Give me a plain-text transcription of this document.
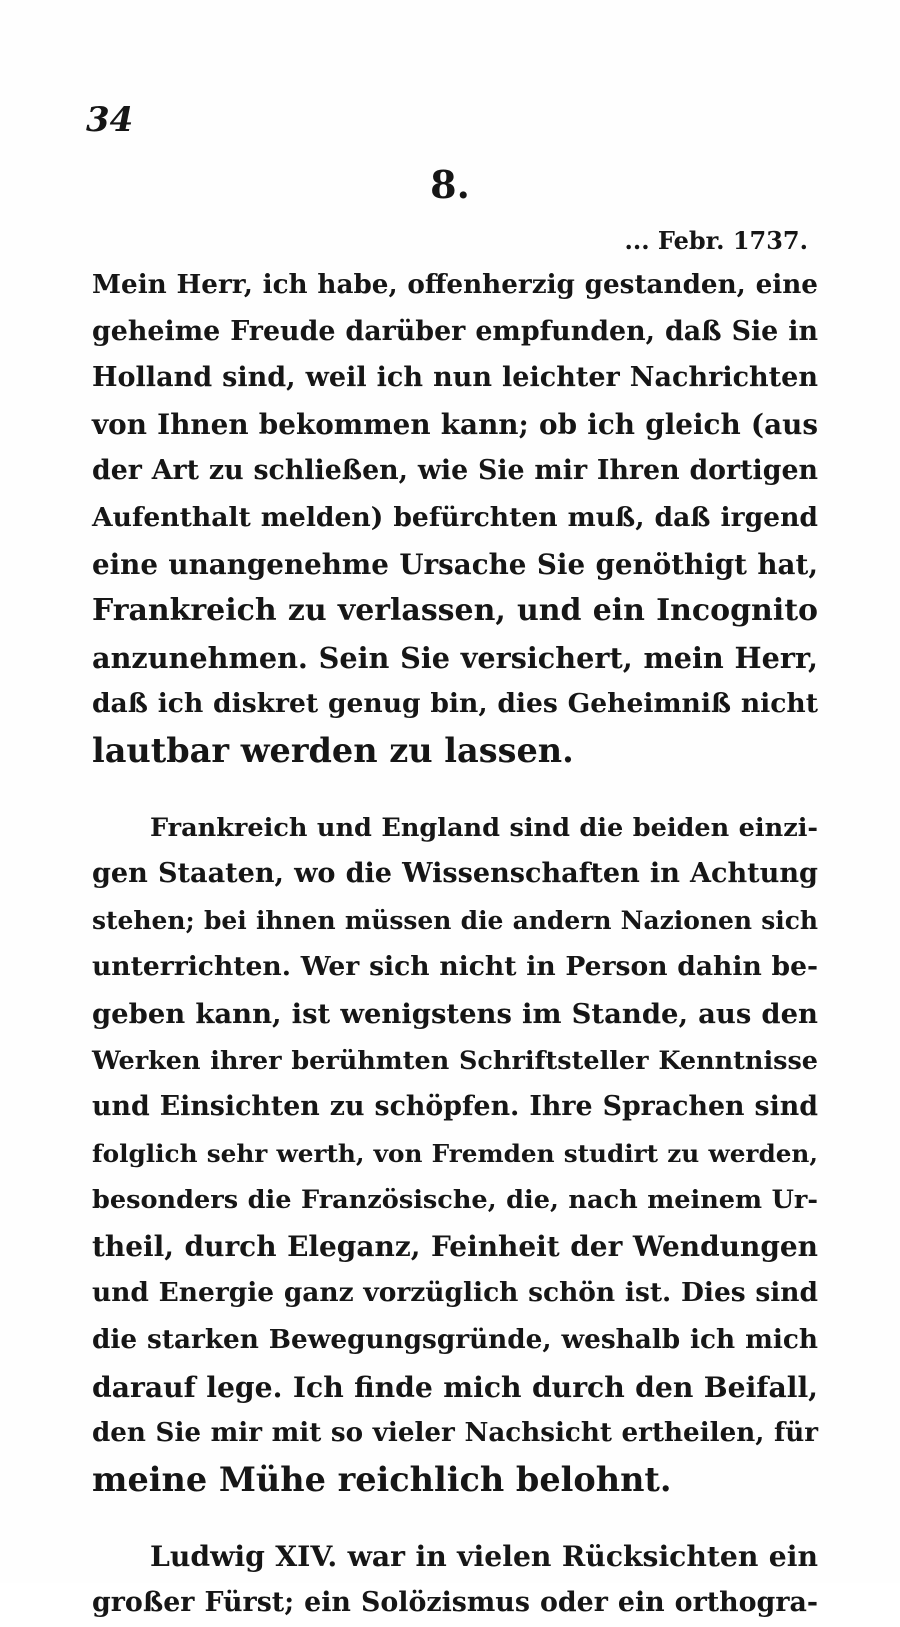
34
8.
... Febr. 1737.

Mein Herr, ich habe, offenherzig gestanden, eine
geheime Freude darüber empfunden, daß Sie in
Holland sind, weil ich nun leichter Nachrichten
von Ihnen bekommen kann; ob ich gleich (aus
der Art zu schließen, wie Sie mir Ihren dortigen
Aufenthalt melden) befürchten muß, daß irgend
eine unangenehme Ursache Sie genöthigt hat,
Frankreich zu verlassen, und ein Incognito
anzunehmen. Sein Sie versichert, mein Herr,
daß ich diskret genug bin, dies Geheimniß nicht
lautbar werden zu lassen.

Frankreich und England sind die beiden einzi-
gen Staaten, wo die Wissenschaften in Achtung
stehen; bei ihnen müssen die andern Nazionen sich
unterrichten. Wer sich nicht in Person dahin be-
geben kann, ist wenigstens im Stande, aus den
Werken ihrer berühmten Schriftsteller Kenntnisse
und Einsichten zu schöpfen. Ihre Sprachen sind
folglich sehr werth, von Fremden studirt zu werden,
besonders die Französische, die, nach meinem Ur-
theil, durch Eleganz, Feinheit der Wendungen
und Energie ganz vorzüglich schön ist. Dies sind
die starken Bewegungsgründe, weshalb ich mich
darauf lege. Ich finde mich durch den Beifall,
den Sie mir mit so vieler Nachsicht ertheilen, für
meine Mühe reichlich belohnt.

Ludwig XIV. war in vielen Rücksichten ein
großer Fürst; ein Solözismus oder ein orthogra-
